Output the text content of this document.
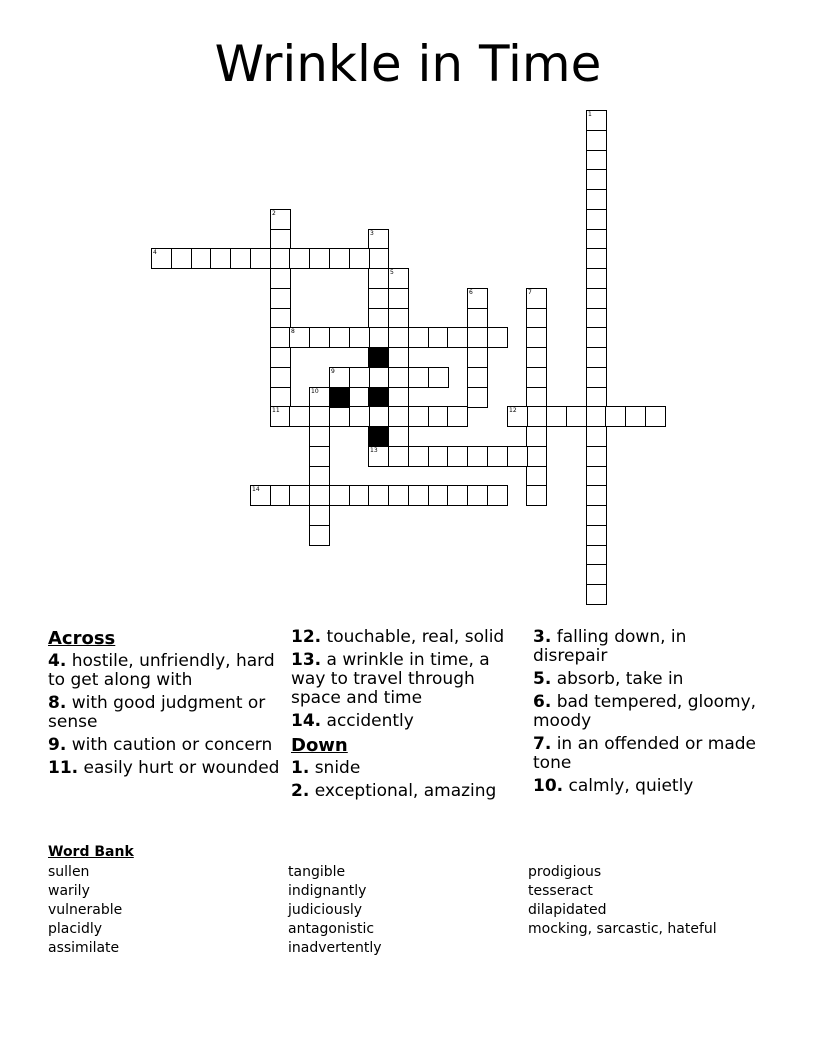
Wrinkle in Time
1
2
3
4
5
6	7
8
9
10
11	12
13
14
Across
4. hostile, unfriendly, hard to get along with
8. with good judgment or sense
9. with caution or concern
11. easily hurt or wounded
12. touchable, real, solid
13. a wrinkle in time, a way to travel through space and time
14. accidently
Down
1. snide
2. exceptional, amazing
3. falling down, in disrepair
5. absorb, take in
6. bad tempered, gloomy, moody
7. in an offended or made tone
10. calmly, quietly
Word Bank
sullen
warily
vulnerable
placidly
assimilate
tangible
indignantly
judiciously
antagonistic
inadvertently
prodigious
tesseract
dilapidated
mocking, sarcastic, hateful
